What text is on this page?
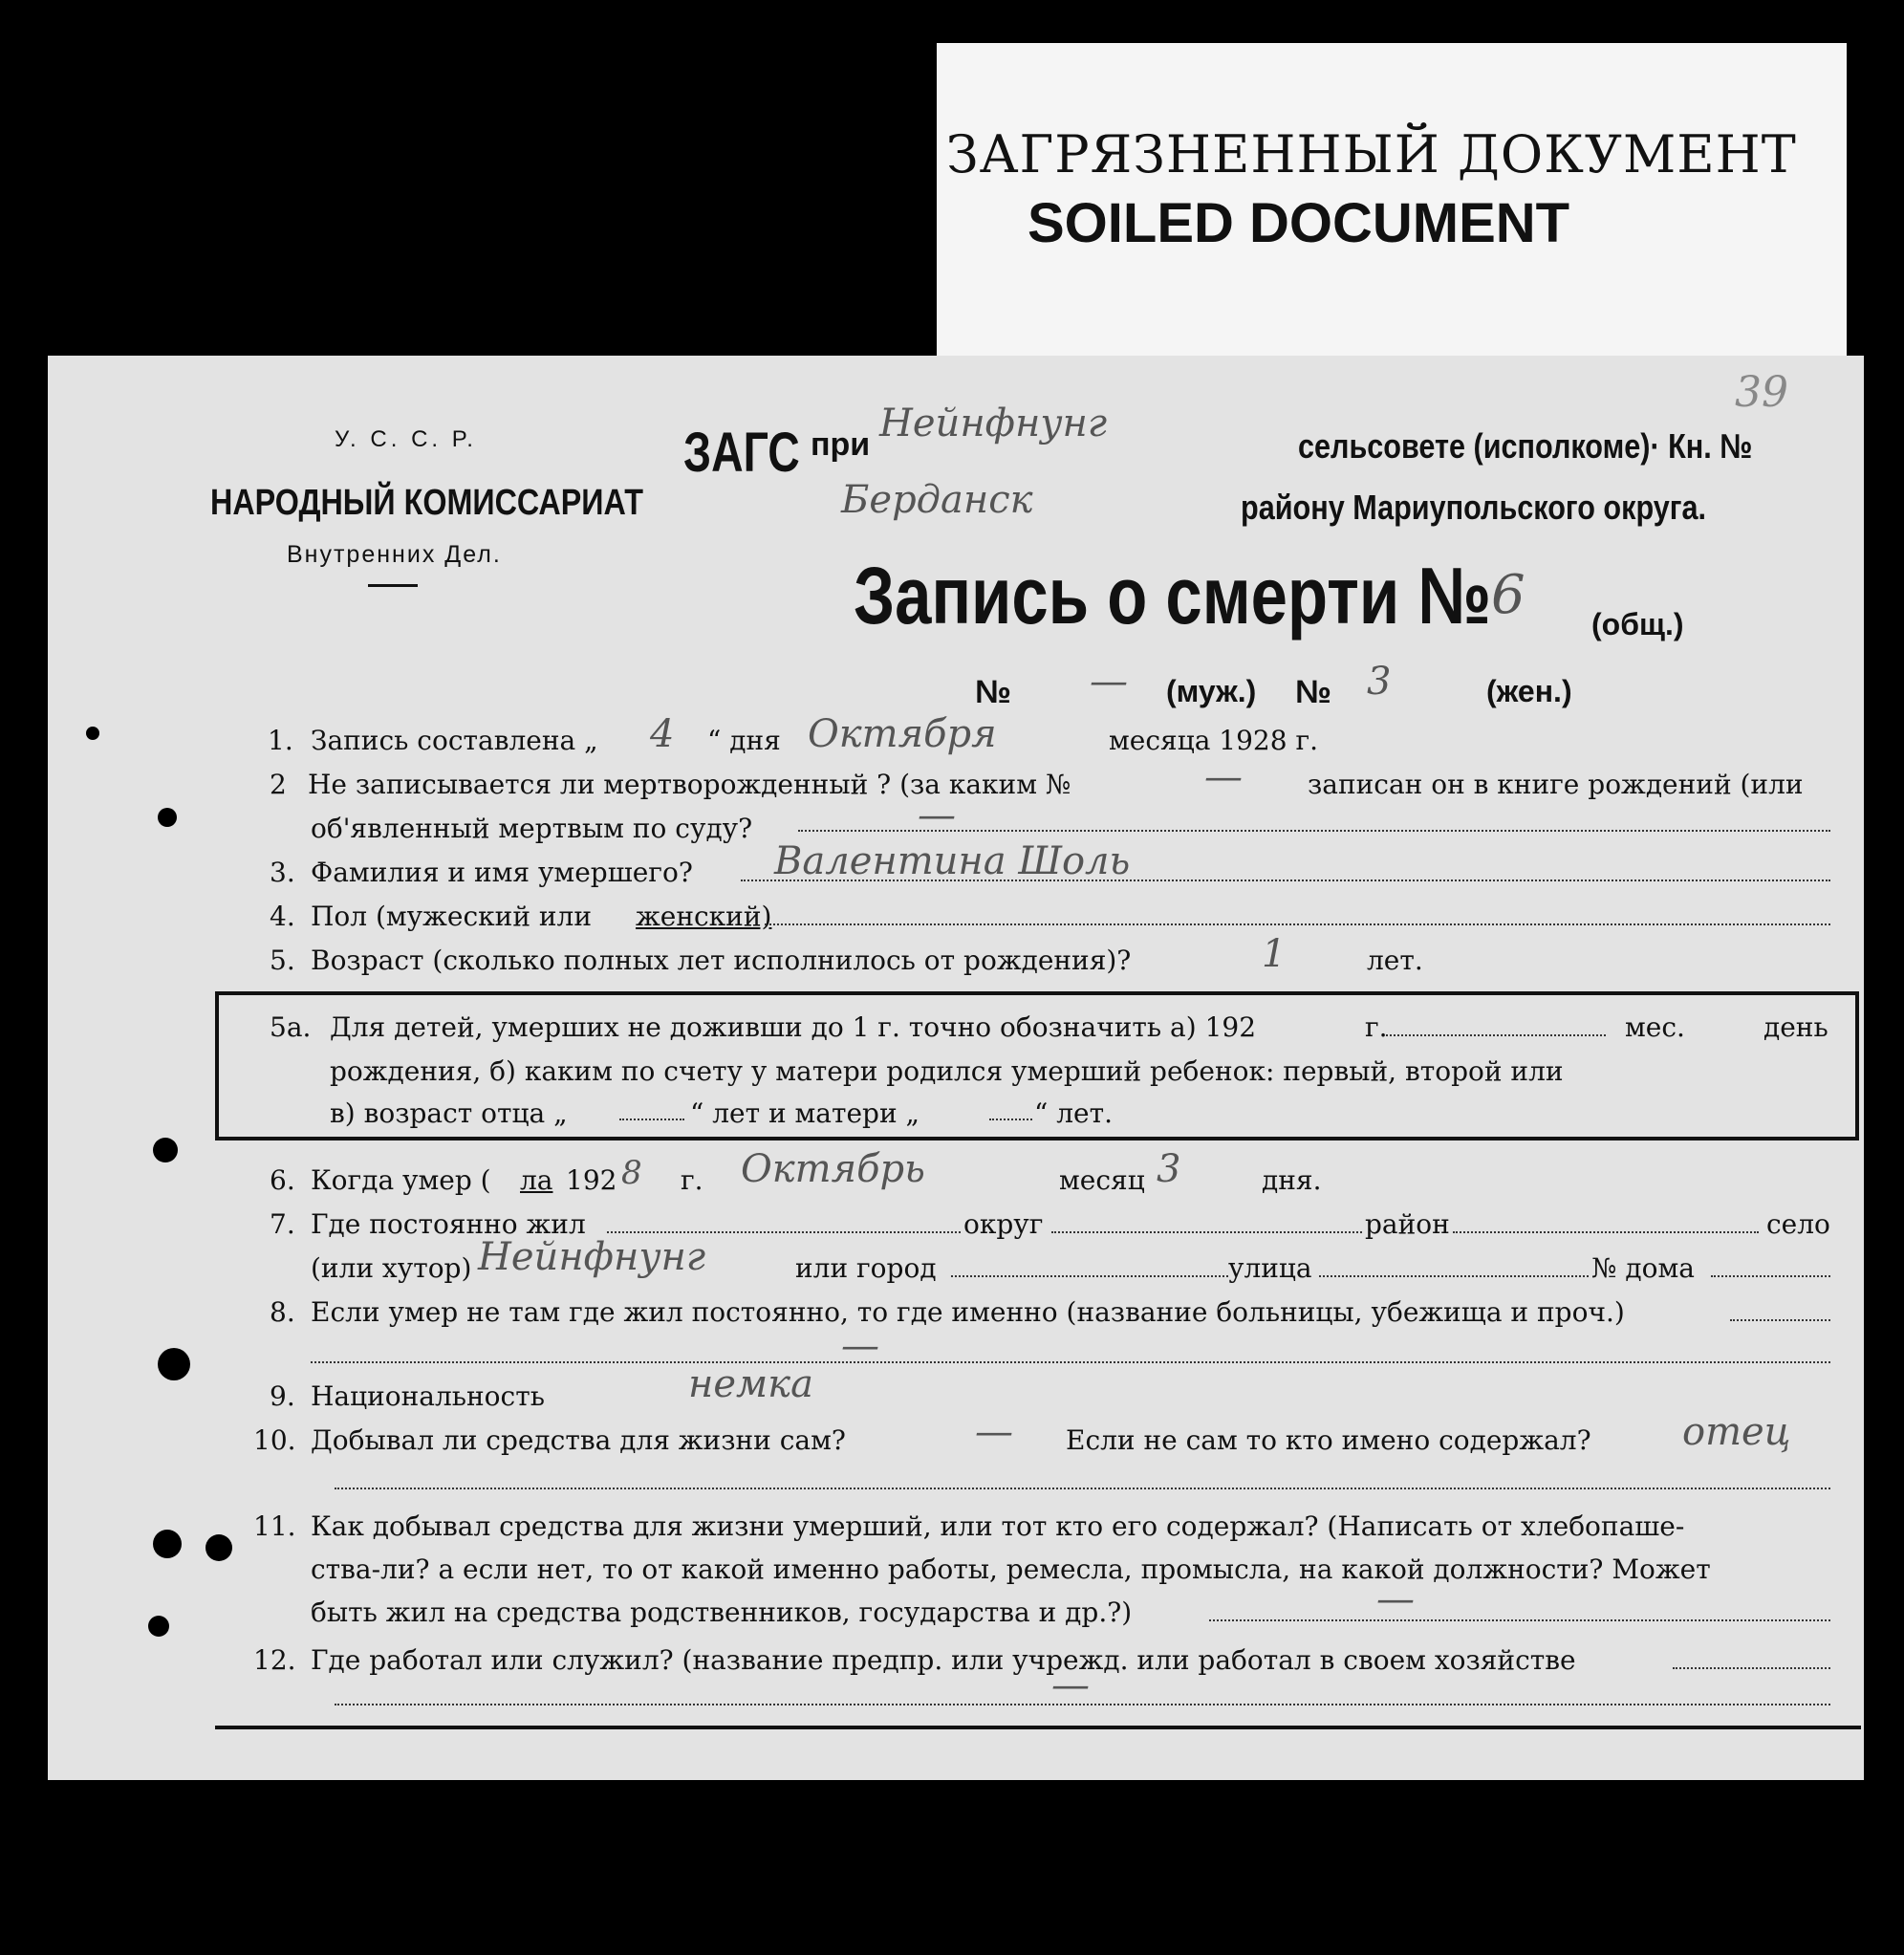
ЗАГРЯЗНЕННЫЙ ДОКУМЕНТ
SOILED DOCUMENT
39
У. С. С. Р.
НАРОДНЫЙ КОМИССАРИАТ
Внутренних Дел.
ЗАГС при Нейнфнунг
сельсовете (исполкоме)· Кн. №
Берданск	району Мариупольского округа.
Запись о смерти № 6 (общ.)
№ — (муж.) № 3	(жен.)
1. Запись составлена „ 4 “ дня Октября	месяца 1928 г.
2 Не записывается ли мертворожденный ? (за каким №	— записан он в книге рождений (или
об'явленный мертвым по суду?	—
3. Фамилия и имя умершего? Валентина Шоль
4. Пол (мужеский или женский)
5. Возраст (сколько полных лет исполнилось от рождения)?	1	лет.
5а. Для детей, умерших не доживши до 1 г. точно обозначить а) 192	г.	мес.	день
рождения, б) каким по счету у матери родился умерший ребенок: первый, второй или
в) возраст отца „	“ лет и матери „	“ лет.
6. Когда умер ( ла 192 8 г. Октябрь	месяц 3	дня.
7. Где постоянно жил	округ	район	село
(или хутор) Нейнфнунг	или город	улица	№ дома
8. Если умер не там где жил постоянно, то где именно (название больницы, убежища и проч.)
—
9. Национальность	немка
10. Добывал ли средства для жизни сам?	— Если не сам то кто имено содержал? отец
11. Как добывал средства для жизни умерший, или тот кто его содержал? (Написать от хлебопаше-
ства-ли? а если нет, то от какой именно работы, ремесла, промысла, на какой должности? Может
быть жил на средства родственников, государства и др.?)	—
12. Где работал или служил? (название предпр. или учрежд. или работал в своем хозяйстве
—
